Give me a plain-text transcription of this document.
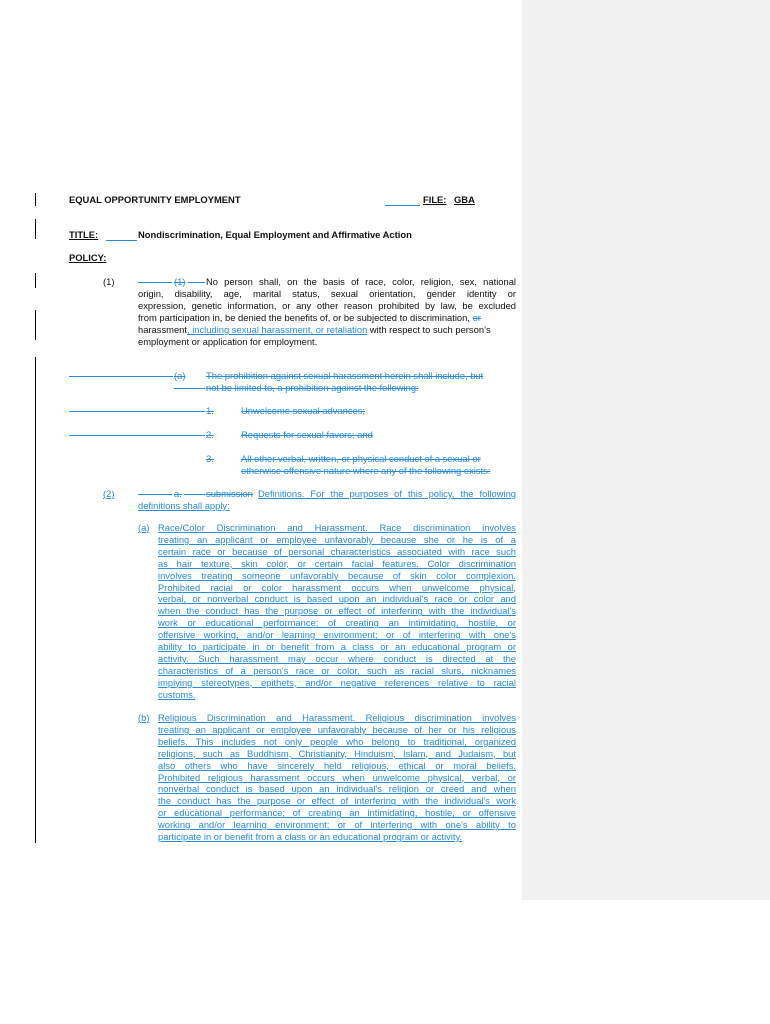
EQUAL OPPORTUNITY EMPLOYMENT	FILE: GBA
TITLE:	Nondiscrimination, Equal Employment and Affirmative Action
POLICY:
(1)	(1) No person shall, on the basis of race, color, religion, sex, national
origin, disability, age, marital status, sexual orientation, gender identity or
expression, genetic information, or any other reason prohibited by law, be excluded
from participation in, be denied the benefits of, or be subjected to discrimination, or
harassment, including sexual harassment, or retaliation with respect to such person’s
employment or application for employment.
(a) The prohibition against sexual harassment herein shall include, but
not be limited to, a prohibition against the following:
1.	Unwelcome sexual advances;
2.	Requests for sexual favors; and
3.	All other verbal, written, or physical conduct of a sexual or
otherwise offensive nature where any of the following exists:
(2)	a.	submission Definitions. For the purposes of this policy, the following
definitions shall apply:
(a) Race/Color Discrimination and Harassment. Race discrimination involves
treating an applicant or employee unfavorably because she or he is of a
certain race or because of personal characteristics associated with race such
as hair texture, skin color, or certain facial features. Color discrimination
involves treating someone unfavorably because of skin color complexion.
Prohibited racial or color harassment occurs when unwelcome physical,
verbal, or nonverbal conduct is based upon an individual's race or color and
when the conduct has the purpose or effect of interfering with the individual's
work or educational performance; of creating an intimidating, hostile, or
offensive working, and/or learning environment; or of interfering with one's
ability to participate in or benefit from a class or an educational program or
activity. Such harassment may occur where conduct is directed at the
characteristics of a person's race or color, such as racial slurs, nicknames
implying stereotypes, epithets, and/or negative references relative to racial
customs.
(b) Religious Discrimination and Harassment. Religious discrimination involves
treating an applicant or employee unfavorably because of her or his religious
beliefs. This includes not only people who belong to traditional, organized
religions, such as Buddhism, Christianity, Hinduism, Islam, and Judaism, but
also others who have sincerely held religious, ethical or moral beliefs.
Prohibited religious harassment occurs when unwelcome physical, verbal, or
nonverbal conduct is based upon an individual's religion or creed and when
the conduct has the purpose or effect of interfering with the individual's work
or educational performance; of creating an intimidating, hostile, or offensive
working and/or learning environment; or of interfering with one's ability to
participate in or benefit from a class or an educational program or activity.
